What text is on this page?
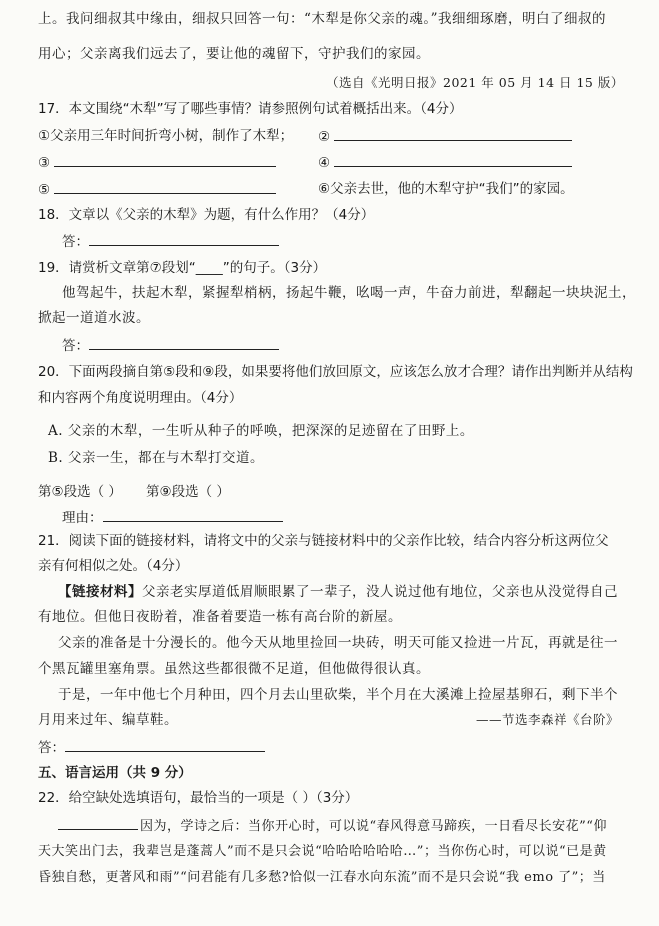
上。我问细叔其中缘由，细叔只回答一句：“木犁是你父亲的魂。”我细细琢磨，明白了细叔的
用心；父亲离我们远去了，要让他的魂留下，守护我们的家园。
（选自《光明日报》2021 年 05 月 14 日 15 版）
17．本文围绕“木犁”写了哪些事情？请参照例句试着概括出来。（4分）
①父亲用三年时间折弯小树，制作了木犁； ②
③	④
⑤	⑥父亲去世，他的木犁守护“我们”的家园。
18．文章以《父亲的木犁》为题，有什么作用？（4分）
答：
19．请赏析文章第⑦段划“____”的句子。（3分）
他驾起牛，扶起木犁，紧握犁梢柄，扬起牛鞭，吆喝一声，牛奋力前进，犁翻起一块块泥土，
掀起一道道水波。
答：
20．下面两段摘自第⑤段和⑨段，如果要将他们放回原文，应该怎么放才合理？请作出判断并从结构
和内容两个角度说明理由。（4分）
A. 父亲的木犁，一生听从种子的呼唤，把深深的足迹留在了田野上。
B. 父亲一生，都在与木犁打交道。
第⑤段选（ ） 第⑨段选（ ）
理由：
21．阅读下面的链接材料，请将文中的父亲与链接材料中的父亲作比较，结合内容分析这两位父
亲有何相似之处。（4分）
【链接材料】父亲老实厚道低眉顺眼累了一辈子，没人说过他有地位，父亲也从没觉得自己
有地位。但他日夜盼着，准备着要造一栋有高台阶的新屋。
父亲的准备是十分漫长的。他今天从地里捡回一块砖，明天可能又捡进一片瓦，再就是往一
个黑瓦罐里塞角票。虽然这些都很微不足道，但他做得很认真。
于是，一年中他七个月种田，四个月去山里砍柴，半个月在大溪滩上捡屋基卵石，剩下半个
月用来过年、编草鞋。	——节选李森祥《台阶》
答：
五、语言运用（共 9 分）
22．给空缺处选填语句，最恰当的一项是（ ）（3分）
因为，学诗之后：当你开心时，可以说“春风得意马蹄疾，一日看尽长安花”“仰
天大笑出门去，我辈岂是蓬蒿人”而不是只会说“哈哈哈哈哈哈…”；当你伤心时，可以说“已是黄
昏独自愁，更著风和雨”“问君能有几多愁?恰似一江春水向东流”而不是只会说“我 emo 了”；当
